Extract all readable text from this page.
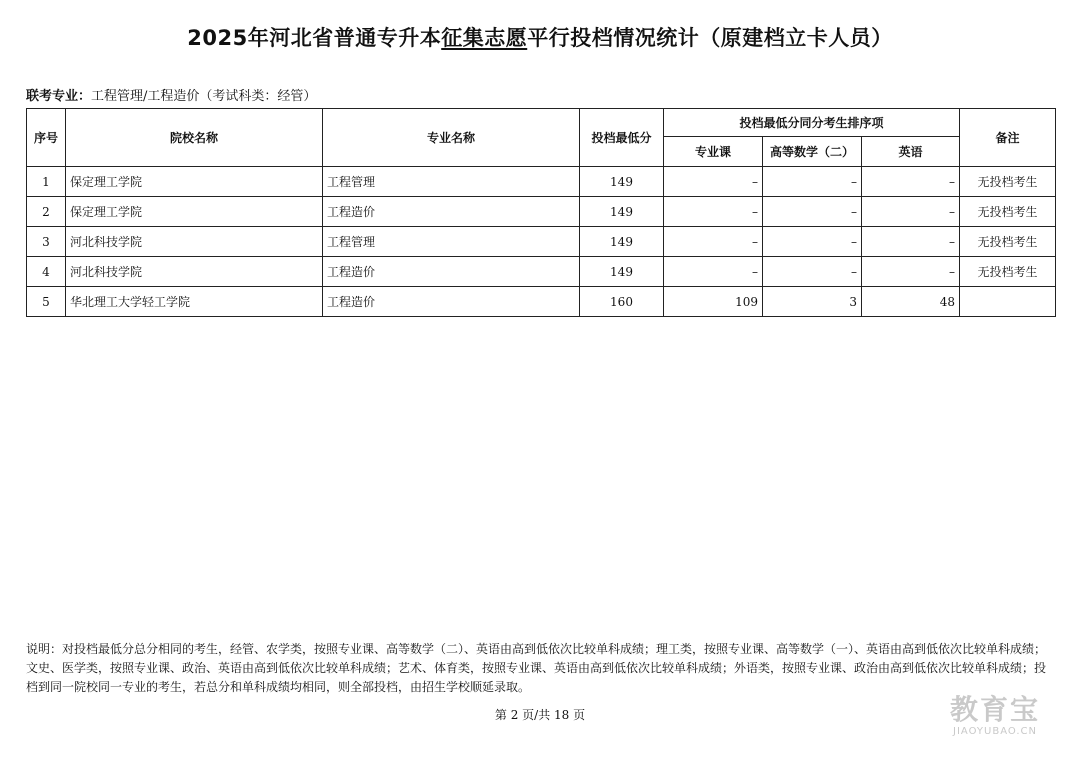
2025年河北省普通专升本征集志愿平行投档情况统计（原建档立卡人员）
联考专业：工程管理/工程造价（考试科类：经管）
序号	院校名称	专业名称	投档最低分	投档最低分同分考生排序项			备注
				专业课	高等数学（二）	英语	
1	保定理工学院	工程管理	149	–	–	–	无投档考生
2	保定理工学院	工程造价	149	–	–	–	无投档考生
3	河北科技学院	工程管理	149	–	–	–	无投档考生
4	河北科技学院	工程造价	149	–	–	–	无投档考生
5	华北理工大学轻工学院	工程造价	160	109	3	48	
说明：对投档最低分总分相同的考生，经管、农学类，按照专业课、高等数学（二）、英语由高到低依次比较单科成绩；理工类，按照专业课、高等数学（一）、英语由高到低依次比较单科成绩；文史、医学类，按照专业课、政治、英语由高到低依次比较单科成绩；艺术、体育类，按照专业课、英语由高到低依次比较单科成绩；外语类，按照专业课、政治由高到低依次比较单科成绩；投档到同一院校同一专业的考生，若总分和单科成绩均相同，则全部投档，由招生学校顺延录取。
第 2 页/共 18 页	教育宝
JIAOYUBAO.CN
